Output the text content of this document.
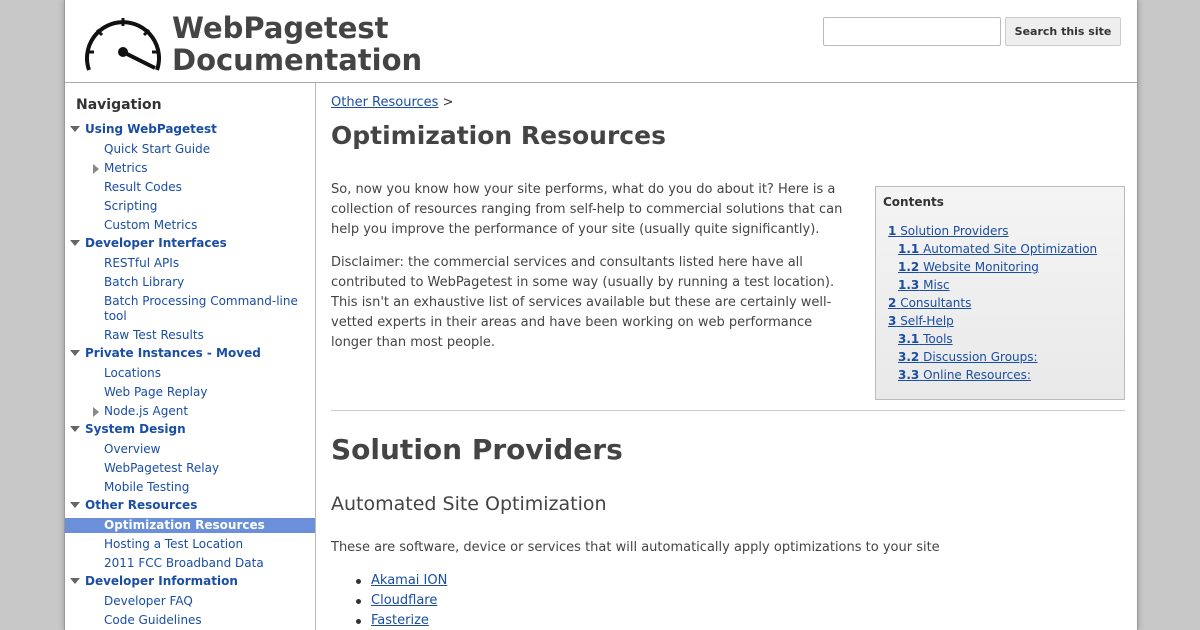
WebPagetest
Documentation
Search this site
Navigation
Using WebPagetest
Quick Start Guide
Metrics
Result Codes
Scripting
Custom Metrics
Developer Interfaces
RESTful APIs
Batch Library
Batch Processing Command-line tool
Raw Test Results
Private Instances - Moved
Locations
Web Page Replay
Node.js Agent
System Design
Overview
WebPagetest Relay
Mobile Testing
Other Resources
Optimization Resources
Hosting a Test Location
2011 FCC Broadband Data
Developer Information
Developer FAQ
Code Guidelines
Other Resources >
Optimization Resources

So, now you know how your site performs, what do you do about it? Here is a collection of resources ranging from self-help to commercial solutions that can help you improve the performance of your site (usually quite significantly).

Disclaimer: the commercial services and consultants listed here have all contributed to WebPagetest in some way (usually by running a test location). This isn't an exhaustive list of services available but these are certainly well-vetted experts in their areas and have been working on web performance longer than most people.

Contents
1 Solution Providers
1.1 Automated Site Optimization
1.2 Website Monitoring
1.3 Misc
2 Consultants
3 Self-Help
3.1 Tools
3.2 Discussion Groups:
3.3 Online Resources:
Solution Providers
Automated Site Optimization
These are software, device or services that will automatically apply optimizations to your site
Akamai ION
Cloudflare
Fasterize
